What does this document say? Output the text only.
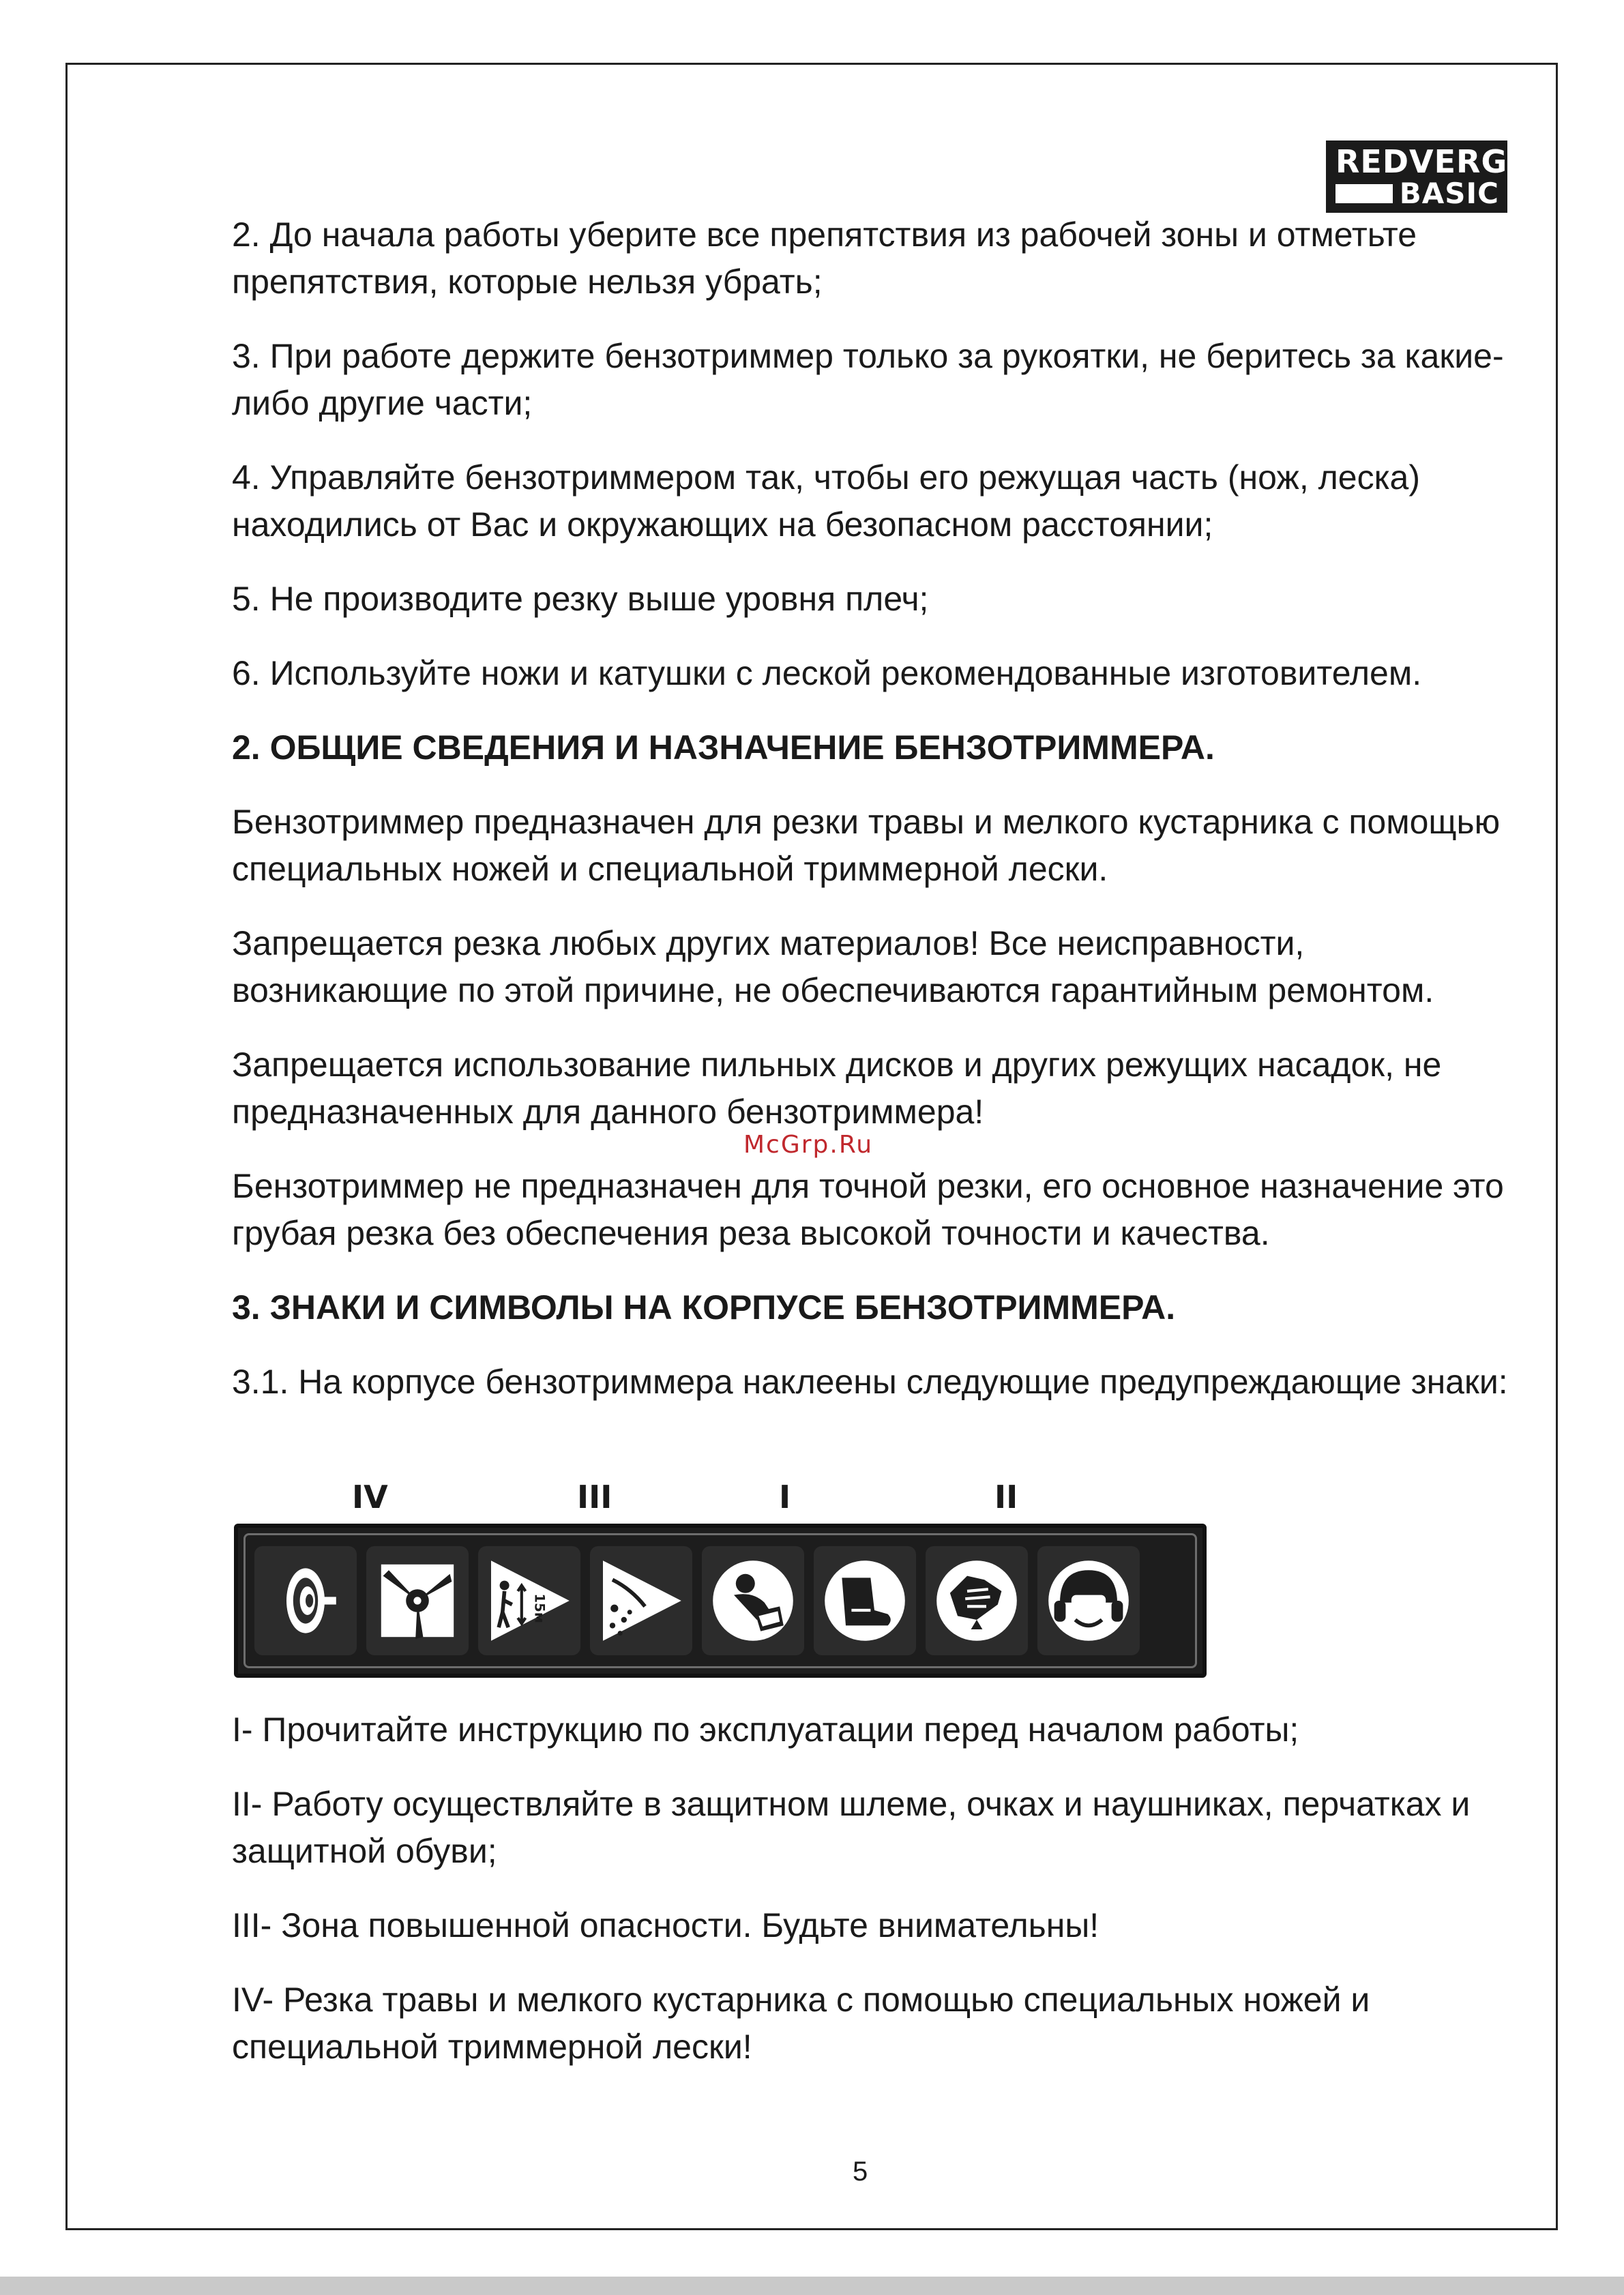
REDVERG
BASIC

2. До начала работы уберите все препятствия из рабочей зоны и отметьте препятствия, которые нельзя убрать;

3. При работе держите бензотриммер только за рукоятки, не беритесь за какие-либо другие части;

4. Управляйте бензотриммером так, чтобы его режущая часть (нож, леска) находились от Вас и окружающих на безопасном расстоянии;

5. Не производите резку выше уровня плеч;

6. Используйте ножи и катушки с леской рекомендованные изготовителем.

2. ОБЩИЕ СВЕДЕНИЯ И НАЗНАЧЕНИЕ БЕНЗОТРИММЕРА.

Бензотриммер предназначен для резки травы и мелкого кустарника с помощью специальных ножей и специальной триммерной лески.

Запрещается резка любых других материалов! Все неисправности, возникающие по этой причине, не обеспечиваются гарантийным ремонтом.

Запрещается использование пильных дисков и других режущих насадок, не предназначенных для данного бензотриммера!

Бензотриммер не предназначен для точной резки, его основное назначение это грубая резка без обеспечения реза высокой точности и качества.

3. ЗНАКИ И СИМВОЛЫ НА КОРПУСЕ БЕНЗОТРИММЕРА.

3.1. На корпусе бензотриммера наклеены следующие предупреждающие знаки:

McGrp.Ru
IV	III	I	II
15м

I- Прочитайте инструкцию по эксплуатации перед началом работы;

II- Работу осуществляйте в защитном шлеме, очках и наушниках, перчатках и защитной обуви;

III- Зона повышенной опасности. Будьте внимательны!

IV- Резка травы и мелкого кустарника с помощью специальных ножей и специальной триммерной лески!

5
